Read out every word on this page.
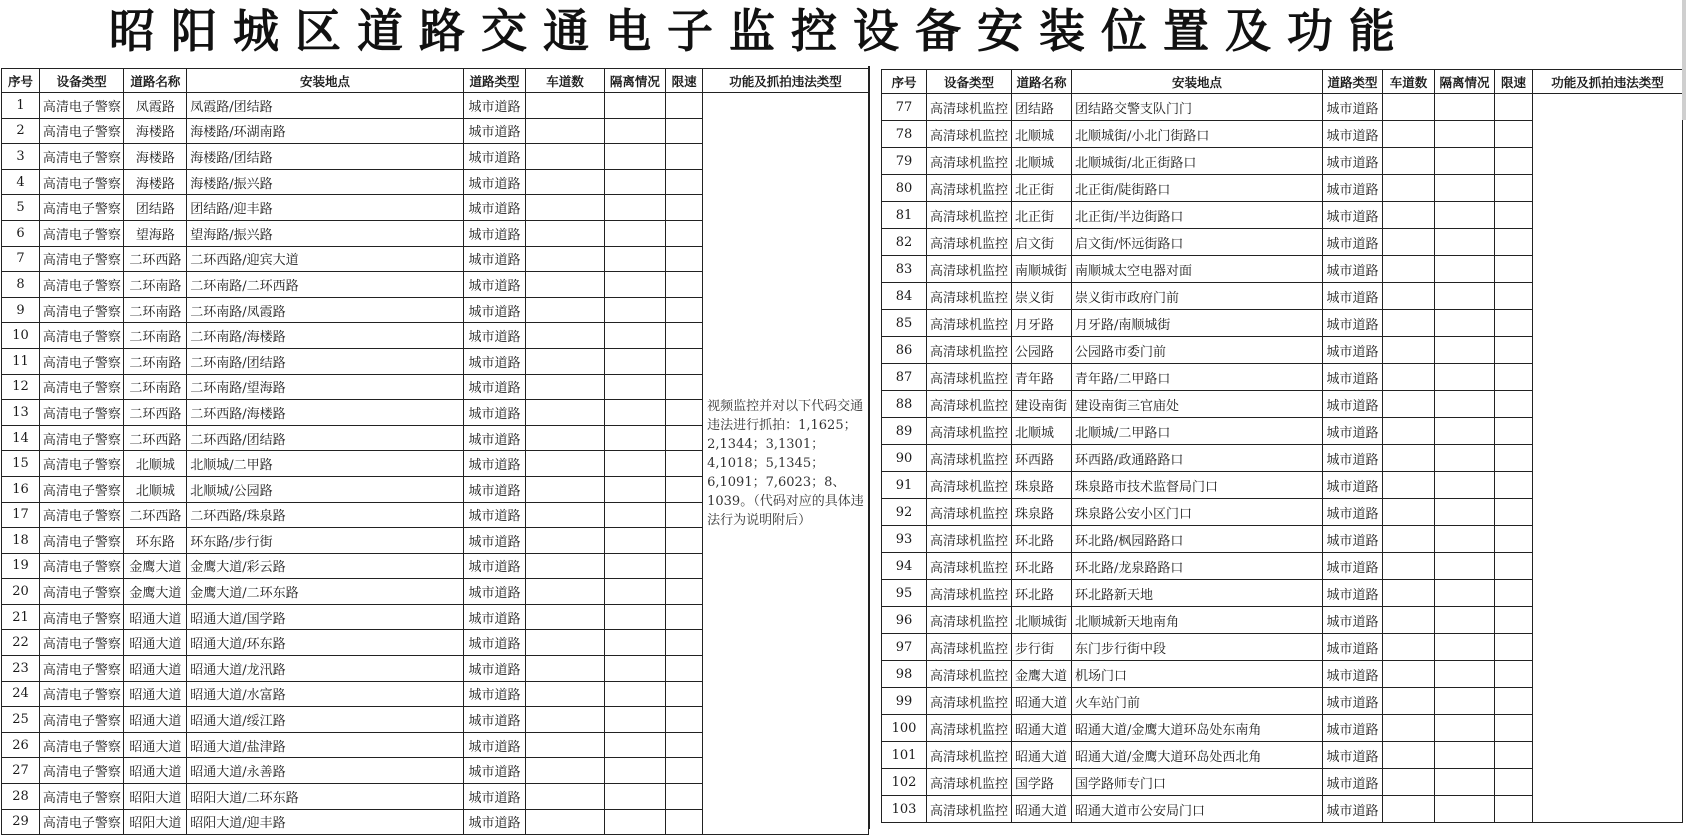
昭阳城区道路交通电子监控设备安装位置及功能
序号	设备类型	道路名称	安装地点	道路类型	车道数	隔离情况	限速	功能及抓拍违法类型
1	高清电子警察	凤霞路	凤霞路/团结路	城市道路				视频监控并对以下代码交通违法进行抓拍：1,1625；2,1344；3,1301；4,1018；5,1345；6,1091；7,6023；8、1039。（代码对应的具体违法行为说明附后）
2	高清电子警察	海楼路	海楼路/环湖南路	城市道路				
3	高清电子警察	海楼路	海楼路/团结路	城市道路				
4	高清电子警察	海楼路	海楼路/振兴路	城市道路				
5	高清电子警察	团结路	团结路/迎丰路	城市道路				
6	高清电子警察	望海路	望海路/振兴路	城市道路				
7	高清电子警察	二环西路	二环西路/迎宾大道	城市道路				
8	高清电子警察	二环南路	二环南路/二环西路	城市道路				
9	高清电子警察	二环南路	二环南路/凤霞路	城市道路				
10	高清电子警察	二环南路	二环南路/海楼路	城市道路				
11	高清电子警察	二环南路	二环南路/团结路	城市道路				
12	高清电子警察	二环南路	二环南路/望海路	城市道路				
13	高清电子警察	二环西路	二环西路/海楼路	城市道路				
14	高清电子警察	二环西路	二环西路/团结路	城市道路				
15	高清电子警察	北顺城	北顺城/二甲路	城市道路				
16	高清电子警察	北顺城	北顺城/公园路	城市道路				
17	高清电子警察	二环西路	二环西路/珠泉路	城市道路				
18	高清电子警察	环东路	环东路/步行街	城市道路				
19	高清电子警察	金鹰大道	金鹰大道/彩云路	城市道路				
20	高清电子警察	金鹰大道	金鹰大道/二环东路	城市道路				
21	高清电子警察	昭通大道	昭通大道/国学路	城市道路				
22	高清电子警察	昭通大道	昭通大道/环东路	城市道路				
23	高清电子警察	昭通大道	昭通大道/龙汛路	城市道路				
24	高清电子警察	昭通大道	昭通大道/水富路	城市道路				
25	高清电子警察	昭通大道	昭通大道/绥江路	城市道路				
26	高清电子警察	昭通大道	昭通大道/盐津路	城市道路				
27	高清电子警察	昭通大道	昭通大道/永善路	城市道路				
28	高清电子警察	昭阳大道	昭阳大道/二环东路	城市道路				
29	高清电子警察	昭阳大道	昭阳大道/迎丰路	城市道路				
序号	设备类型	道路名称	安装地点	道路类型	车道数	隔离情况	限速	功能及抓拍违法类型
77	高清球机监控	团结路	团结路交警支队门门	城市道路				
78	高清球机监控	北顺城	北顺城街/小北门街路口	城市道路				
79	高清球机监控	北顺城	北顺城街/北正街路口	城市道路				
80	高清球机监控	北正街	北正街/陡街路口	城市道路				
81	高清球机监控	北正街	北正街/半边街路口	城市道路				
82	高清球机监控	启文街	启文街/怀远街路口	城市道路				
83	高清球机监控	南顺城街	南顺城太空电器对面	城市道路				
84	高清球机监控	崇义街	崇义街市政府门前	城市道路				
85	高清球机监控	月牙路	月牙路/南顺城街	城市道路				
86	高清球机监控	公园路	公园路市委门前	城市道路				
87	高清球机监控	青年路	青年路/二甲路口	城市道路				
88	高清球机监控	建设南街	建设南街三官庙处	城市道路				
89	高清球机监控	北顺城	北顺城/二甲路口	城市道路				
90	高清球机监控	环西路	环西路/政通路路口	城市道路				
91	高清球机监控	珠泉路	珠泉路市技术监督局门口	城市道路				
92	高清球机监控	珠泉路	珠泉路公安小区门口	城市道路				
93	高清球机监控	环北路	环北路/枫园路路口	城市道路				
94	高清球机监控	环北路	环北路/龙泉路路口	城市道路				
95	高清球机监控	环北路	环北路新天地	城市道路				
96	高清球机监控	北顺城街	北顺城新天地南角	城市道路				
97	高清球机监控	步行街	东门步行街中段	城市道路				
98	高清球机监控	金鹰大道	机场门口	城市道路				
99	高清球机监控	昭通大道	火车站门前	城市道路				
100	高清球机监控	昭通大道	昭通大道/金鹰大道环岛处东南角	城市道路				
101	高清球机监控	昭通大道	昭通大道/金鹰大道环岛处西北角	城市道路				
102	高清球机监控	国学路	国学路师专门口	城市道路				
103	高清球机监控	昭通大道	昭通大道市公安局门口	城市道路				
